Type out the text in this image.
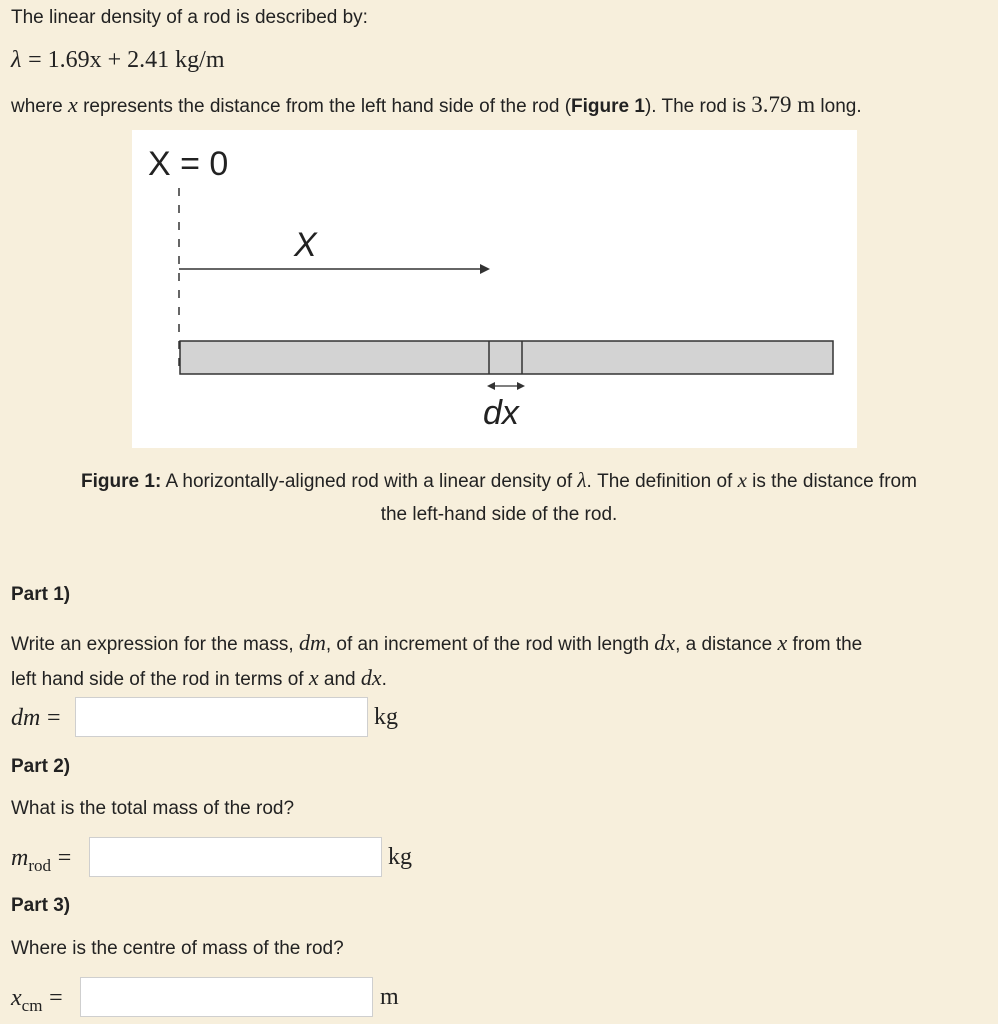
The linear density of a rod is described by:
λ = 1.69x + 2.41 kg/m
where x represents the distance from the left hand side of the rod (Figure 1). The rod is 3.79 m long.
X = 0
X
dx
Figure 1: A horizontally-aligned rod with a linear density of λ. The definition of x is the distance from
the left-hand side of the rod.
Part 1)
Write an expression for the mass, dm, of an increment of the rod with length dx, a distance x from the
left hand side of the rod in terms of x and dx.
dm =	kg
Part 2)
What is the total mass of the rod?
$m_{rod}$ =	kg
Part 3)
Where is the centre of mass of the rod?
$x_{cm}$ =	m
